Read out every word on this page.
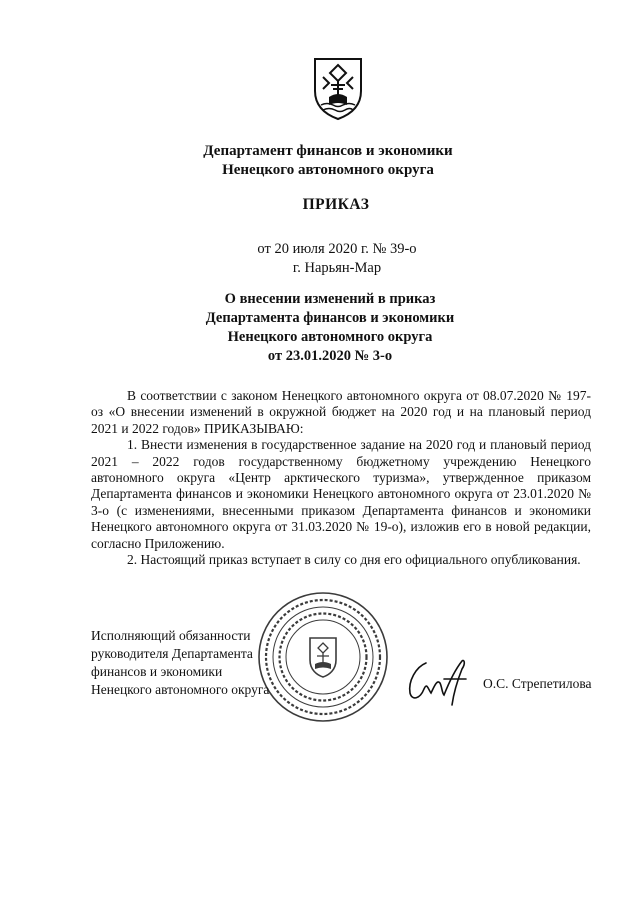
Департамент финансов и экономики
Ненецкого автономного округа
ПРИКАЗ
от 20 июля 2020 г. № 39-о
г. Нарьян-Мар
О внесении изменений в приказ
Департамента финансов и экономики
Ненецкого автономного округа
от 23.01.2020 № 3-о

В соответствии с законом Ненецкого автономного округа от 08.07.2020 № 197-оз «О внесении изменений в окружной бюджет на 2020 год и на плановый период 2021 и 2022 годов» ПРИКАЗЫВАЮ:

1. Внести изменения в государственное задание на 2020 год и плановый период 2021 – 2022 годов государственному бюджетному учреждению Ненецкого автономного округа «Центр арктического туризма», утвержденное приказом Департамента финансов и экономики Ненецкого автономного округа от 23.01.2020 № 3-о (с изменениями, внесенными приказом Департамента финансов и экономики Ненецкого автономного округа от 31.03.2020 № 19-о), изложив его в новой редакции, согласно Приложению.

2. Настоящий приказ вступает в силу со дня его официального опубликования.

Исполняющий обязанности
руководителя Департамента
финансов и экономики
Ненецкого автономного округа	О.С. Стрепетилова
